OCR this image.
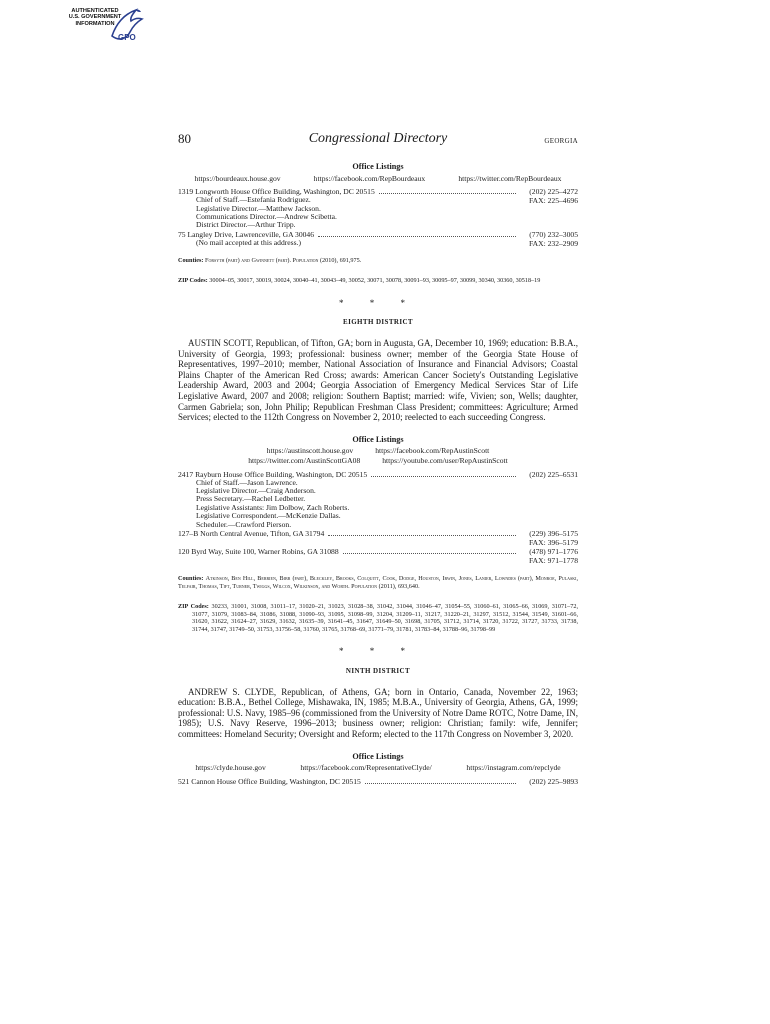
AUTHENTICATED
U.S. GOVERNMENT
INFORMATION
GPO
80	Congressional Directory	GEORGIA
Office Listings
https://bourdeaux.house.gov	https://facebook.com/RepBourdeaux	https://twitter.com/RepBourdeaux
1319 Longworth House Office Building, Washington, DC 20515	(202) 225–4272
FAX: 225–4696
Chief of Staff.—Estefania Rodriguez.
Legislative Director.—Matthew Jackson.
Communications Director.—Andrew Scibetta.
District Director.—Arthur Tripp.
75 Langley Drive, Lawrenceville, GA 30046	(770) 232–3005
FAX: 232–2909
(No mail accepted at this address.)
Counties: Forsyth (part) and Gwinnett (part). Population (2010), 691,975.
ZIP Codes: 30004–05, 30017, 30019, 30024, 30040–41, 30043–49, 30052, 30071, 30078, 30091–93, 30095–97, 30099, 30340, 30360, 30518–19
* * *
EIGHTH DISTRICT

AUSTIN SCOTT, Republican, of Tifton, GA; born in Augusta, GA, December 10, 1969; education: B.B.A., University of Georgia, 1993; professional: business owner; member of the Georgia State House of Representatives, 1997–2010; member, National Association of Insurance and Financial Advisors; Coastal Plains Chapter of the American Red Cross; awards: American Cancer Society's Outstanding Legislative Leadership Award, 2003 and 2004; Georgia Association of Emergency Medical Services Star of Life Legislative Award, 2007 and 2008; religion: Southern Baptist; married: wife, Vivien; son, Wells; daughter, Carmen Gabriela; son, John Philip; Republican Freshman Class President; committees: Agriculture; Armed Services; elected to the 112th Congress on November 2, 2010; reelected to each succeeding Congress.

Office Listings
https://austinscott.house.gov	https://facebook.com/RepAustinScott
https://twitter.com/AustinScottGA08	https://youtube.com/user/RepAustinScott
2417 Rayburn House Office Building, Washington, DC 20515	(202) 225–6531
Chief of Staff.—Jason Lawrence.
Legislative Director.—Craig Anderson.
Press Secretary.—Rachel Ledbetter.
Legislative Assistants: Jim Dolbow, Zach Roberts.
Legislative Correspondent.—McKenzie Dallas.
Scheduler.—Crawford Pierson.
127–B North Central Avenue, Tifton, GA 31794	(229) 396–5175
FAX: 396–5179
120 Byrd Way, Suite 100, Warner Robins, GA 31088	(478) 971–1776
FAX: 971–1778
Counties: Atkinson, Ben Hill, Berrien, Bibb (part), Bleckley, Brooks, Colquitt, Cook, Dodge, Houston, Irwin, Jones, Lanier, Lowndes (part), Monroe, Pulaski, Telfair, Thomas, Tift, Turner, Twiggs, Wilcox, Wilkinson, and Worth. Population (2011), 693,640.
ZIP Codes: 30233, 31001, 31008, 31011–17, 31020–21, 31023, 31028–38, 31042, 31044, 31046–47, 31054–55, 31060–61, 31065–66, 31069, 31071–72, 31077, 31079, 31083–84, 31086, 31088, 31090–93, 31095, 31098–99, 31204, 31209–11, 31217, 31220–21, 31297, 31512, 31544, 31549, 31601–66, 31620, 31622, 31624–27, 31629, 31632, 31635–39, 31641–45, 31647, 31649–50, 31698, 31705, 31712, 31714, 31720, 31722, 31727, 31733, 31738, 31744, 31747, 31749–50, 31753, 31756–58, 31760, 31765, 31768–69, 31771–79, 31781, 31783–84, 31788–96, 31798–99
* * *
NINTH DISTRICT

ANDREW S. CLYDE, Republican, of Athens, GA; born in Ontario, Canada, November 22, 1963; education: B.B.A., Bethel College, Mishawaka, IN, 1985; M.B.A., University of Georgia, Athens, GA, 1999; professional: U.S. Navy, 1985–96 (commissioned from the University of Notre Dame ROTC, Notre Dame, IN, 1985); U.S. Navy Reserve, 1996–2013; business owner; religion: Christian; family: wife, Jennifer; committees: Homeland Security; Oversight and Reform; elected to the 117th Congress on November 3, 2020.

Office Listings
https://clyde.house.gov	https://facebook.com/RepresentativeClyde/	https://instagram.com/repclyde
521 Cannon House Office Building, Washington, DC 20515	(202) 225–9893
